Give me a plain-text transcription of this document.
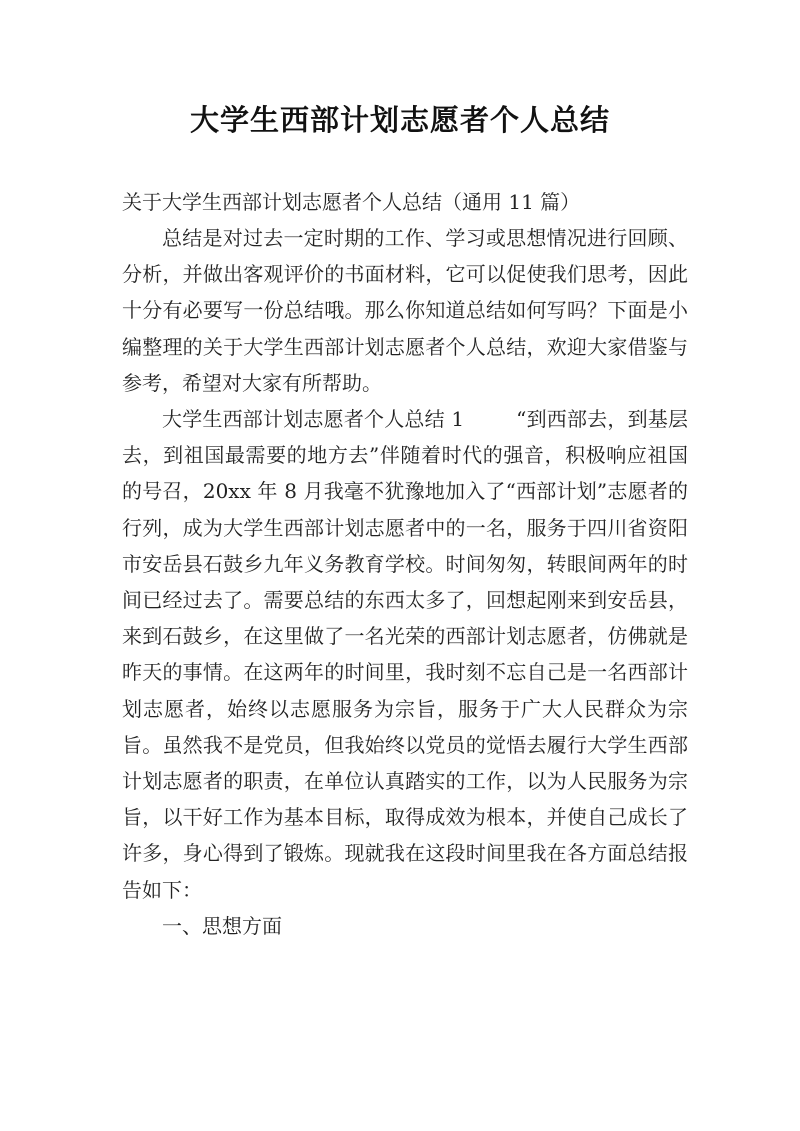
大学生西部计划志愿者个人总结

关于大学生西部计划志愿者个人总结（通用 11 篇）

总结是对过去一定时期的工作、学习或思想情况进行回顾、分析，并做出客观评价的书面材料，它可以促使我们思考，因此十分有必要写一份总结哦。那么你知道总结如何写吗？下面是小编整理的关于大学生西部计划志愿者个人总结，欢迎大家借鉴与参考，希望对大家有所帮助。

大学生西部计划志愿者个人总结 1	“到西部去，到基层去，到祖国最需要的地方去”伴随着时代的强音，积极响应祖国的号召，20xx 年 8 月我毫不犹豫地加入了“西部计划”志愿者的行列，成为大学生西部计划志愿者中的一名，服务于四川省资阳市安岳县石鼓乡九年义务教育学校。时间匆匆，转眼间两年的时间已经过去了。需要总结的东西太多了，回想起刚来到安岳县，来到石鼓乡，在这里做了一名光荣的西部计划志愿者，仿佛就是昨天的事情。在这两年的时间里，我时刻不忘自己是一名西部计划志愿者，始终以志愿服务为宗旨，服务于广大人民群众为宗旨。虽然我不是党员，但我始终以党员的觉悟去履行大学生西部计划志愿者的职责，在单位认真踏实的工作，以为人民服务为宗旨，以干好工作为基本目标，取得成效为根本，并使自己成长了许多，身心得到了锻炼。现就我在这段时间里我在各方面总结报告如下：

一、思想方面
